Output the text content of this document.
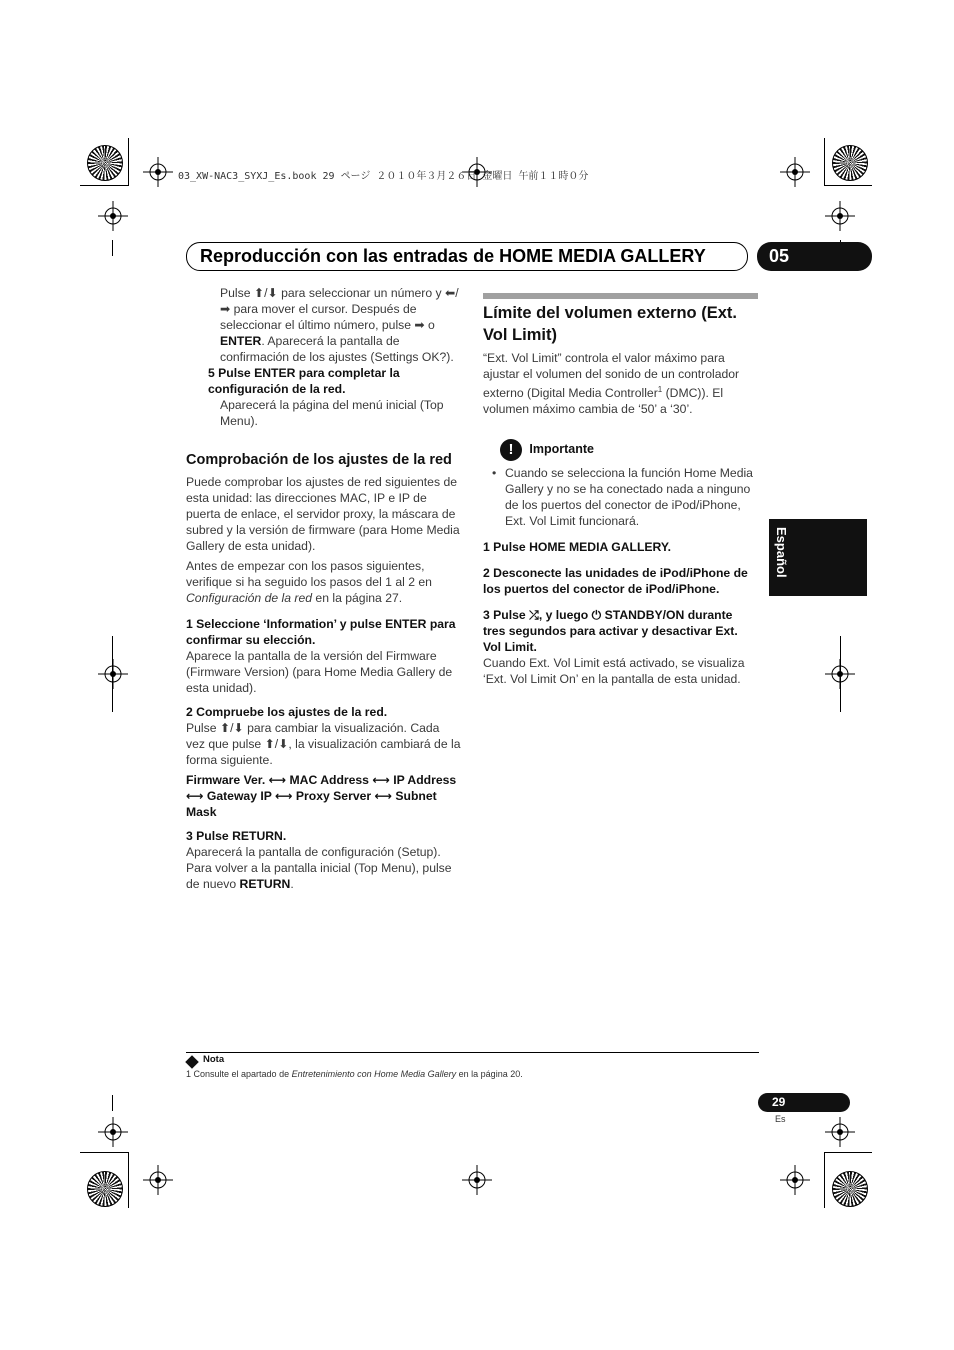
03_XW-NAC3_SYXJ_Es.book 29 ページ ２０１０年３月２６日 金曜日 午前１１時０分
Reproducción con las entradas de HOME MEDIA GALLERY	05

Pulse ⬆/⬇ para seleccionar un número y ⬅/➡ para mover el cursor. Después de seleccionar el último número, pulse ➡ o ENTER. Aparecerá la pantalla de confirmación de los ajustes (Settings OK?).

5 Pulse ENTER para completar la configuración de la red.

Aparecerá la página del menú inicial (Top Menu).

Comprobación de los ajustes de la red

Puede comprobar los ajustes de red siguientes de esta unidad: las direcciones MAC, IP e IP de puerta de enlace, el servidor proxy, la máscara de subred y la versión de firmware (para Home Media Gallery de esta unidad).

Antes de empezar con los pasos siguientes, verifique si ha seguido los pasos del 1 al 2 en Configuración de la red en la página 27.

1 Seleccione ‘Information’ y pulse ENTER para confirmar su elección.

Aparece la pantalla de la versión del Firmware (Firmware Version) (para Home Media Gallery de esta unidad).

2 Compruebe los ajustes de la red.

Pulse ⬆/⬇ para cambiar la visualización. Cada vez que pulse ⬆/⬇, la visualización cambiará de la forma siguiente.

Firmware Ver. ⟷ MAC Address ⟷ IP Address ⟷ Gateway IP ⟷ Proxy Server ⟷ Subnet Mask

3 Pulse RETURN.

Aparecerá la pantalla de configuración (Setup). Para volver a la pantalla inicial (Top Menu), pulse de nuevo RETURN.

Límite del volumen externo (Ext. Vol Limit)

“Ext. Vol Limit” controla el valor máximo para ajustar el volumen del sonido de un controlador externo (Digital Media Controller$^1$ (DMC)). El volumen máximo cambia de ‘50’ a ‘30’.

! Importante

• Cuando se selecciona la función Home Media Gallery y no se ha conectado nada a ninguno de los puertos del conector de iPod/iPhone, Ext. Vol Limit funcionará.

1 Pulse HOME MEDIA GALLERY.

2 Desconecte las unidades de iPod/iPhone de los puertos del conector de iPod/iPhone.

3 Pulse ⤮, y luego ⏻ STANDBY/ON durante tres segundos para activar y desactivar Ext. Vol Limit.

Cuando Ext. Vol Limit está activado, se visualiza ‘Ext. Vol Limit On’ en la pantalla de esta unidad.

Español
Nota
1 Consulte el apartado de Entretenimiento con Home Media Gallery en la página 20.
29
Es
